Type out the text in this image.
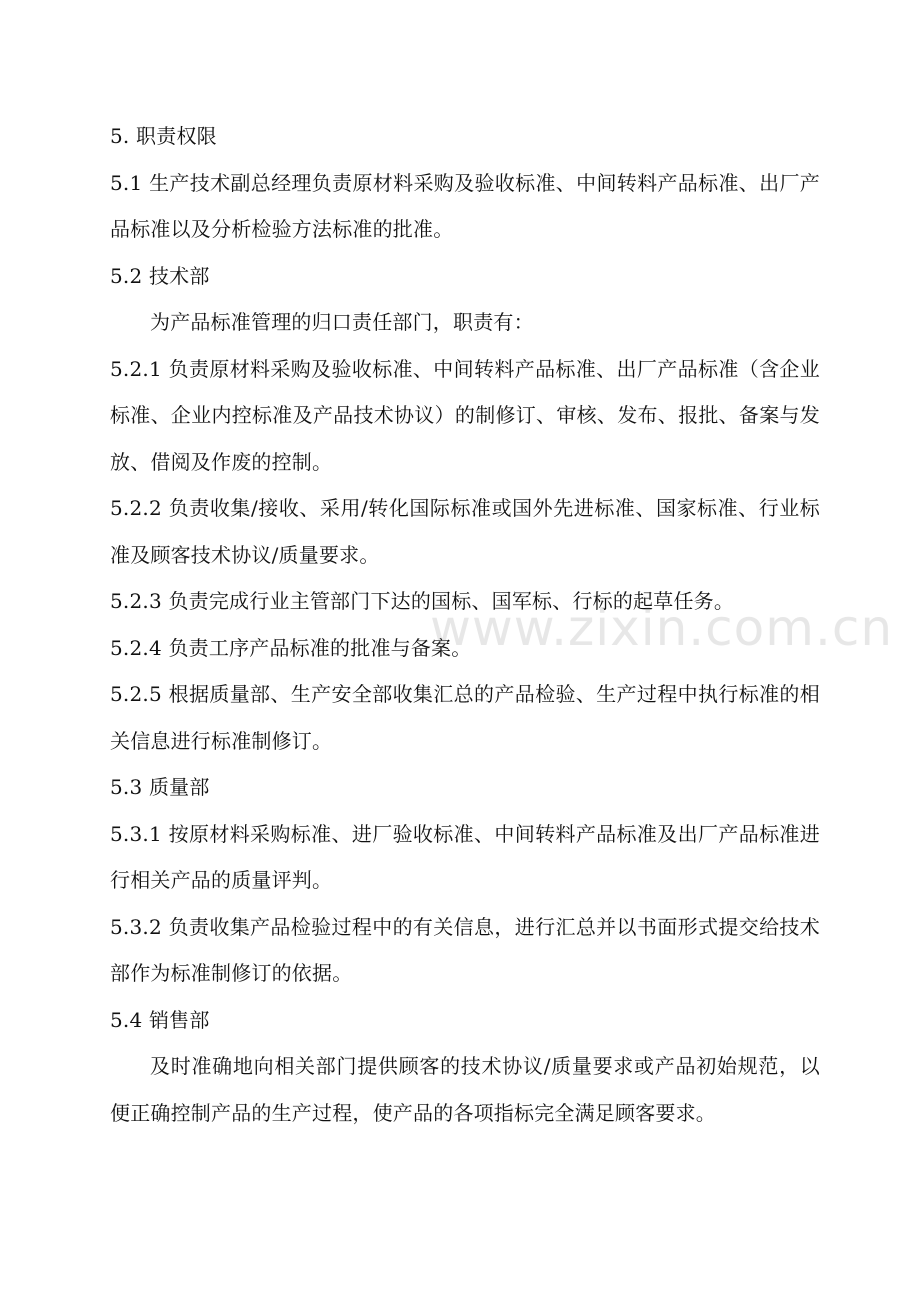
5. 职责权限

5.1 生产技术副总经理负责原材料采购及验收标准、中间转料产品标准、出厂产品标准以及分析检验方法标准的批准。

5.2 技术部

为产品标准管理的归口责任部门，职责有：

5.2.1 负责原材料采购及验收标准、中间转料产品标准、出厂产品标准（含企业标准、企业内控标准及产品技术协议）的制修订、审核、发布、报批、备案与发放、借阅及作废的控制。

5.2.2 负责收集/接收、采用/转化国际标准或国外先进标准、国家标准、行业标准及顾客技术协议/质量要求。

5.2.3 负责完成行业主管部门下达的国标、国军标、行标的起草任务。

5.2.4 负责工序产品标准的批准与备案。

5.2.5 根据质量部、生产安全部收集汇总的产品检验、生产过程中执行标准的相关信息进行标准制修订。

5.3 质量部

5.3.1 按原材料采购标准、进厂验收标准、中间转料产品标准及出厂产品标准进行相关产品的质量评判。

5.3.2 负责收集产品检验过程中的有关信息，进行汇总并以书面形式提交给技术部作为标准制修订的依据。

5.4 销售部

及时准确地向相关部门提供顾客的技术协议/质量要求或产品初始规范，以便正确控制产品的生产过程，使产品的各项指标完全满足顾客要求。

www.zixin.com.cn
